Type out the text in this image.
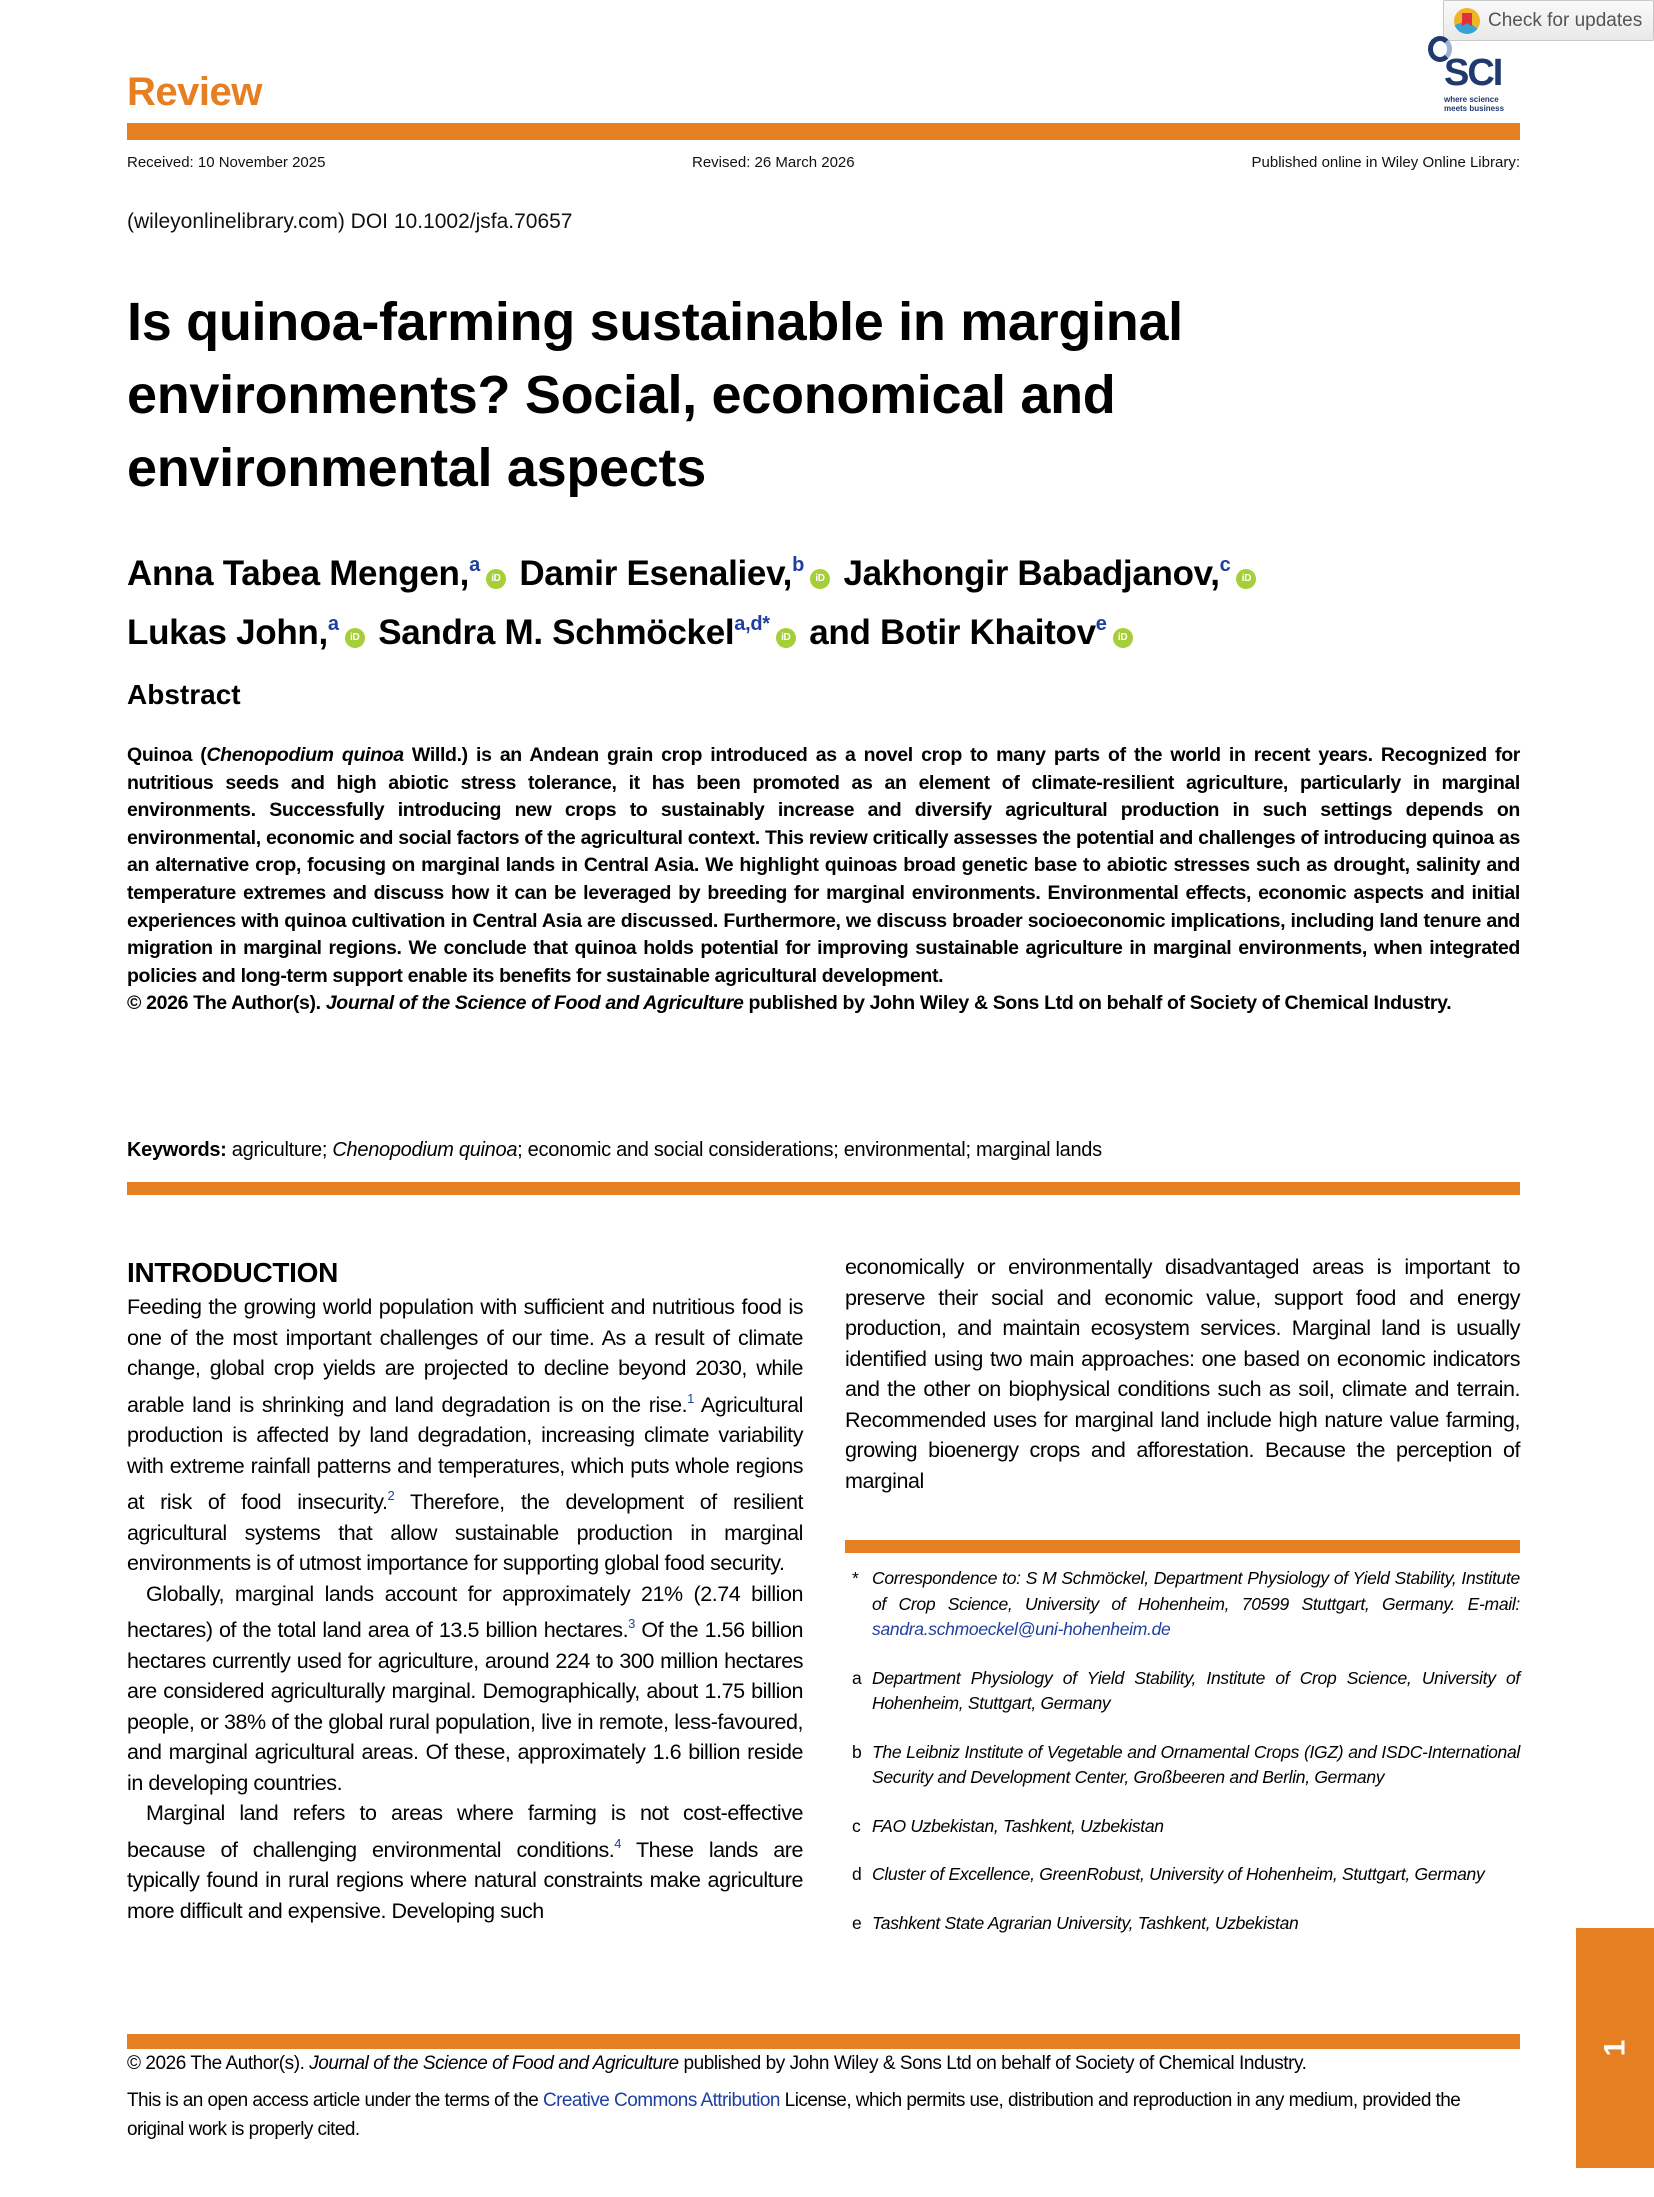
Check for updates
SCI
where science
meets business
Review
Received: 10 November 2025	Revised: 26 March 2026	Published online in Wiley Online Library:
(wileyonlinelibrary.com) DOI 10.1002/jsfa.70657
Is quinoa-farming sustainable in marginal environments? Social, economical and environmental aspects
Anna Tabea Mengen,$^a$iD Damir Esenaliev,$^b$iD Jakhongir Babadjanov,$^c$iD
Lukas John,$^a$iD Sandra M. Schmöckel$^{a,d*}$iD and Botir Khaitov$^e$iD
Abstract

Quinoa (Chenopodium quinoa Willd.) is an Andean grain crop introduced as a novel crop to many parts of the world in recent years. Recognized for nutritious seeds and high abiotic stress tolerance, it has been promoted as an element of climate-resilient agriculture, particularly in marginal environments. Successfully introducing new crops to sustainably increase and diversify agricultural production in such settings depends on environmental, economic and social factors of the agricultural context. This review critically assesses the potential and challenges of introducing quinoa as an alternative crop, focusing on marginal lands in Central Asia. We highlight quinoas broad genetic base to abiotic stresses such as drought, salinity and temperature extremes and discuss how it can be leveraged by breeding for marginal environments. Environmental effects, economic aspects and initial experiences with quinoa cultivation in Central Asia are discussed. Furthermore, we discuss broader socioeconomic implications, including land tenure and migration in marginal regions. We conclude that quinoa holds potential for improving sustainable agriculture in marginal environments, when integrated policies and long-term support enable its benefits for sustainable agricultural development.

© 2026 The Author(s). Journal of the Science of Food and Agriculture published by John Wiley & Sons Ltd on behalf of Society of Chemical Industry.

Keywords: agriculture; Chenopodium quinoa; economic and social considerations; environmental; marginal lands
INTRODUCTION

Feeding the growing world population with sufficient and nutritious food is one of the most important challenges of our time. As a result of climate change, global crop yields are projected to decline beyond 2030, while arable land is shrinking and land degradation is on the rise.$^1$ Agricultural production is affected by land degradation, increasing climate variability with extreme rainfall patterns and temperatures, which puts whole regions at risk of food insecurity.$^2$ Therefore, the development of resilient agricultural systems that allow sustainable production in marginal environments is of utmost importance for supporting global food security.

Globally, marginal lands account for approximately 21% (2.74 billion hectares) of the total land area of 13.5 billion hectares.$^3$ Of the 1.56 billion hectares currently used for agriculture, around 224 to 300 million hectares are considered agriculturally marginal. Demographically, about 1.75 billion people, or 38% of the global rural population, live in remote, less-favoured, and marginal agricultural areas. Of these, approximately 1.6 billion reside in developing countries.

Marginal land refers to areas where farming is not cost-effective because of challenging environmental conditions.$^4$ These lands are typically found in rural regions where natural constraints make agriculture more difficult and expensive. Developing such

economically or environmentally disadvantaged areas is important to preserve their social and economic value, support food and energy production, and maintain ecosystem services. Marginal land is usually identified using two main approaches: one based on economic indicators and the other on biophysical conditions such as soil, climate and terrain. Recommended uses for marginal land include high nature value farming, growing bioenergy crops and afforestation. Because the perception of marginal

* Correspondence to: S M Schmöckel, Department Physiology of Yield Stability, Institute of Crop Science, University of Hohenheim, 70599 Stuttgart, Germany. E-mail: sandra.schmoeckel@uni-hohenheim.de
a Department Physiology of Yield Stability, Institute of Crop Science, University of Hohenheim, Stuttgart, Germany
b The Leibniz Institute of Vegetable and Ornamental Crops (IGZ) and ISDC-International Security and Development Center, Großbeeren and Berlin, Germany
c FAO Uzbekistan, Tashkent, Uzbekistan
d Cluster of Excellence, GreenRobust, University of Hohenheim, Stuttgart, Germany
e Tashkent State Agrarian University, Tashkent, Uzbekistan
© 2026 The Author(s). Journal of the Science of Food and Agriculture published by John Wiley & Sons Ltd on behalf of Society of Chemical Industry.
This is an open access article under the terms of the Creative Commons Attribution License, which permits use, distribution and reproduction in any medium, provided the original work is properly cited.
1
